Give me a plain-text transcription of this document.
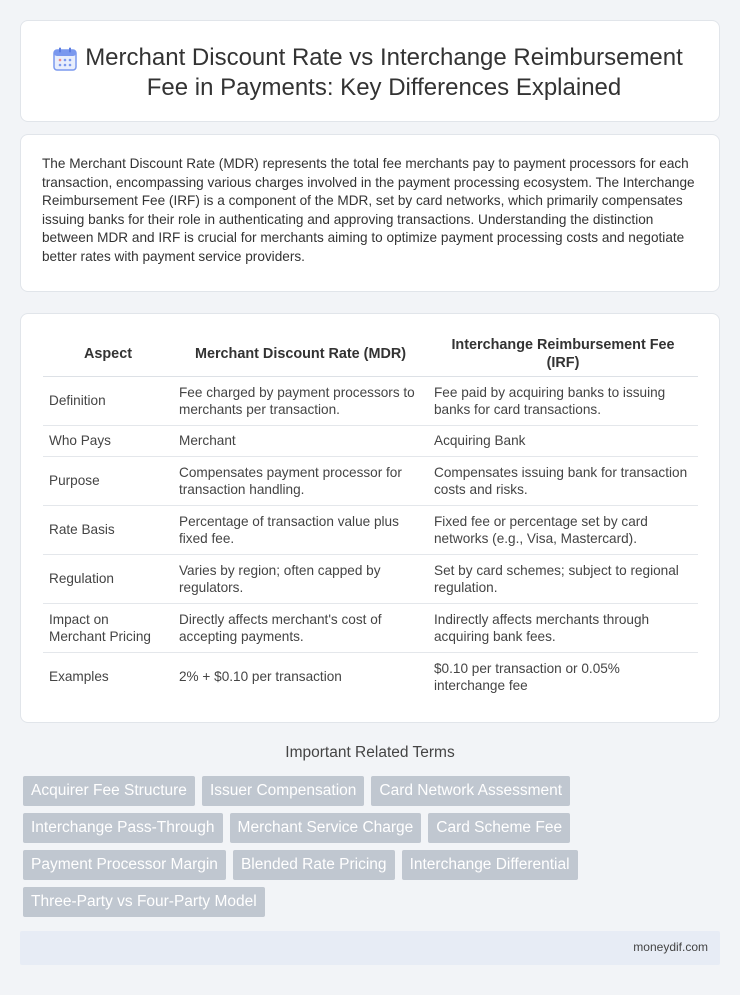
Merchant Discount Rate vs Interchange Reimbursement Fee in Payments: Key Differences Explained

The Merchant Discount Rate (MDR) represents the total fee merchants pay to payment processors for each transaction, encompassing various charges involved in the payment processing ecosystem. The Interchange Reimbursement Fee (IRF) is a component of the MDR, set by card networks, which primarily compensates issuing banks for their role in authenticating and approving transactions. Understanding the distinction between MDR and IRF is crucial for merchants aiming to optimize payment processing costs and negotiate better rates with payment service providers.

Aspect	Merchant Discount Rate (MDR)	Interchange Reimbursement Fee (IRF)
Definition	Fee charged by payment processors to merchants per transaction.	Fee paid by acquiring banks to issuing banks for card transactions.
Who Pays	Merchant	Acquiring Bank
Purpose	Compensates payment processor for transaction handling.	Compensates issuing bank for transaction costs and risks.
Rate Basis	Percentage of transaction value plus fixed fee.	Fixed fee or percentage set by card networks (e.g., Visa, Mastercard).
Regulation	Varies by region; often capped by regulators.	Set by card schemes; subject to regional regulation.
Impact on Merchant Pricing	Directly affects merchant's cost of accepting payments.	Indirectly affects merchants through acquiring bank fees.
Examples	2% + $0.10 per transaction	$0.10 per transaction or 0.05% interchange fee
Important Related Terms
Acquirer Fee Structure	Issuer Compensation	Card Network Assessment
Interchange Pass-Through	Merchant Service Charge	Card Scheme Fee
Payment Processor Margin	Blended Rate Pricing	Interchange Differential
Three-Party vs Four-Party Model
moneydif.com
